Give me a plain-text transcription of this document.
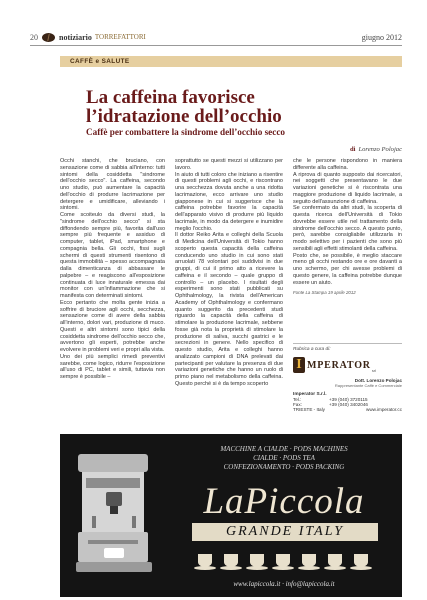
20	notiziario TORREFATTORI	giugno 2012
CAFFÈ e SALUTE
La caffeina favorisce
l’idratazione dell’occhio
Caffè per combattere la sindrome dell’occhio secco
di Lorenzo Polojac

Occhi stanchi, che bruciano, con sensazione come di sabbia all'interno: tutti sintomi della cosiddetta "sindrome dell'occhio secco". La caffeina, secondo uno studio, può aumentare la capacità dell'occhio di produrre lacrimazione per detergere e umidificare, alleviando i sintomi.

Come scoiteulo da diversi studi, la "sindrome dell'occhio secco" si sta diffondendo sempre più, favorita dall'uso sempre più frequente e assiduo di computer, tablet, iPad, smartphone e compagnia bella. Gli occhi, fissi sugli schermi di questi strumenti risentono di questa immobilità – spesso accompagnata dalla dimenticanza di abbassare le palpebre – e reagiscono all'esposizione continuata di luce innaturale emessa dai monitor con un'infiammazione che si manifesta con determinati sintomi.

Ecco pertanto che molta gente inizia a soffrire di bruciore agli occhi, secchezza, sensazione come di avere della sabbia all'interno, dolori vari, produzione di muco. Questi e altri sintomi sono tipici della cosiddetta sindrome dell'occhio secco che, avvertono gli esperti, potrebbe anche evolvere in problemi veri e propri alla vista.

Uno dei più semplici rimedi preventivi sarebbe, come logico, ridurre l'esposizione all'uso di PC, tablet e simili, tuttavia non sempre è possibile –

soprattutto se questi mezzi si utilizzano per lavoro.

In aiuto di tutti coloro che iniziano a risentire di questi problemi agli occhi, e riscontrano una secchezza dovuta anche a una ridotta lacrimazione, ecco arrivare uno studio giapponese in cui si suggerisce che la caffeina potrebbe favorire la capacità dell'apparato visivo di produrre più liquido lacrimale, in modo da detergere e inumidire meglio l'occhio.

Il dottor Reiko Arita e colleghi della Scuola di Medicina dell'Università di Tokio hanno scoperto questa capacità della caffeina conducendo uno studio in cui sono stati arruolati 78 volontari poi suddivisi in due gruppi, di cui il primo atto a ricevere la caffeina e il secondo – quale gruppo di controllo – un placebo. I risultati degli esperimenti sono stati pubblicati su Ophthalmology, la rivista dell'American Academy of Ophthalmology e confermano quanto suggerito da precedenti studi riguardo la capacità della caffeina di stimolare la produzione lacrimale, sebbene fosse già nota la proprietà di stimolare la produzione di saliva, succhi gastrici e le secrezioni in genere. Nello specifico di questo studio, Arita e colleghi hanno analizzato campioni di DNA prelevati dai partecipanti per valutare la presenza di due variazioni genetiche che hanno un ruolo di primo piano nel metabolismo della caffeina. Questo perché si è da tempo scoperto

che le persone rispondono in maniera differente alla caffeina.

A riprova di quanto supposto dai ricercatori, nei soggetti che presentavano le due variazioni genetiche si è riscontrata una maggiore produzione di liquido lacrimale, a seguito dell'assunzione di caffeina.

Se confermato da altri studi, la scoperta di questa ricerca dell'Università di Tokio dovrebbe essere utile nel trattamento della sindrome dell'occhio secco. A questo punto, però, sarebbe consigliabile utilizzarla in modo selettivo per i pazienti che sono più sensibili agli effetti stimolanti della caffeina.

Posto che, se possibile, è meglio staccare meno gli occhi restando ore e ore davanti a uno schermo, per chi avesse problemi di questo genere, la caffeina potrebbe dunque essere un aiuto.

Fonte La Stampa 19 aprile 2012
Rubrica a cura di:
I MPERATOR srl
Dott. Lorenzo Polojac
Rappresentante Caffè e Commerciale
Imperator S.r.l.
Tel.:	+39 (040) 3720115
Fax:	+39 (040) 3402046
TRIESTE - Italy	www.imperator.cc
MACCHINE A CIALDE · PODS MACHINES
CIALDE · PODS TEA
CONFEZIONAMENTO · PODS PACKING
LaPiccola
GRANDE ITALY
www.lapiccola.it · info@lapiccola.it
